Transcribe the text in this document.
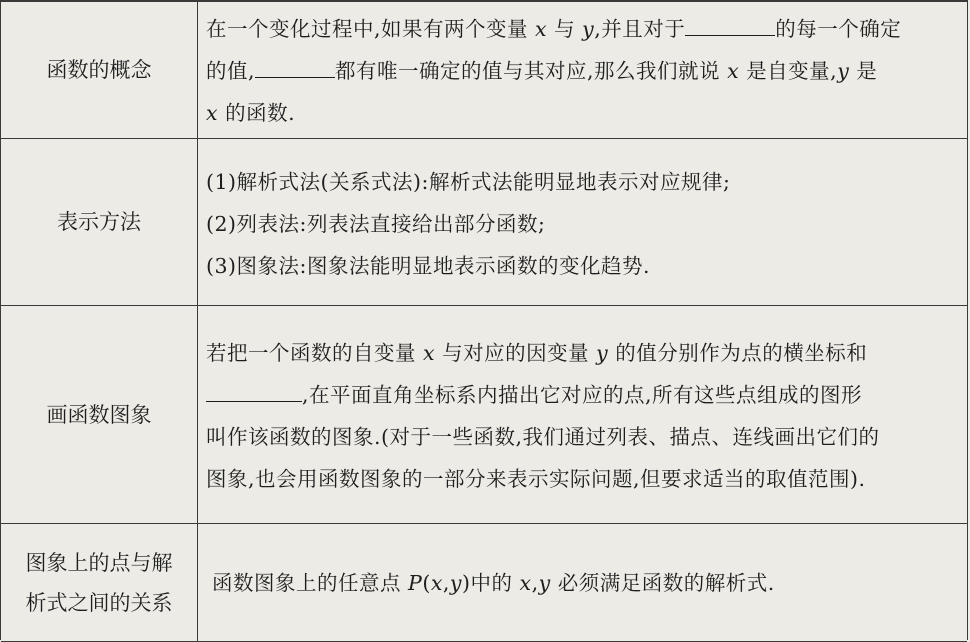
函数的概念
在一个变化过程中,如果有两个变量 x 与 y,并且对于	的每一个确定
的值,	都有唯一确定的值与其对应,那么我们就说 x 是自变量,y 是
x 的函数.
表示方法
(1)解析式法(关系式法):解析式法能明显地表示对应规律;
(2)列表法:列表法直接给出部分函数;
(3)图象法:图象法能明显地表示函数的变化趋势.
画函数图象
若把一个函数的自变量 x 与对应的因变量 y 的值分别作为点的横坐标和
,在平面直角坐标系内描出它对应的点,所有这些点组成的图形
叫作该函数的图象.(对于一些函数,我们通过列表、描点、连线画出它们的
图象,也会用函数图象的一部分来表示实际问题,但要求适当的取值范围).
图象上的点与解
析式之间的关系
函数图象上的任意点 P(x,y)中的 x,y 必须满足函数的解析式.
